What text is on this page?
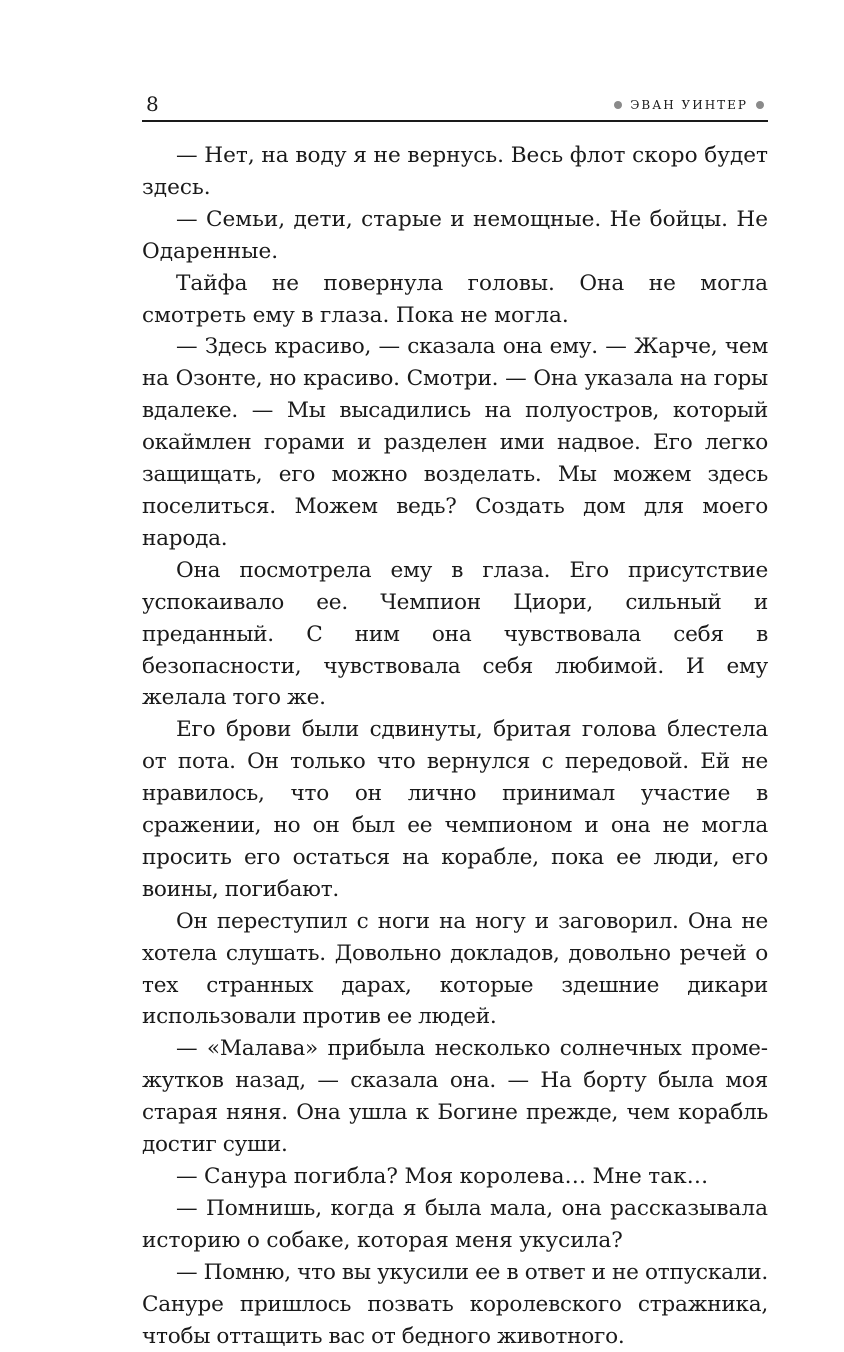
8	ЭВАН УИНТЕР

— Нет, на воду я не вернусь. Весь флот скоро будет здесь.

— Семьи, дети, старые и немощные. Не бойцы. Не Одаренные.

Тайфа не повернула головы. Она не могла смотреть ему в глаза. Пока не могла.

— Здесь красиво, — сказала она ему. — Жарче, чем на Озонте, но красиво. Смотри. — Она указала на горы вдалеке. — Мы высадились на полуостров, который окаймлен горами и разделен ими надвое. Его легко защищать, его можно возделать. Мы можем здесь поселиться. Можем ведь? Создать дом для моего народа.

Она посмотрела ему в глаза. Его присутствие успокаивало ее. Чемпион Циори, сильный и преданный. С ним она чувствовала себя в безопасности, чувствовала себя любимой. И ему желала того же.

Его брови были сдвинуты, бритая голова блестела от пота. Он только что вернулся с передовой. Ей не нравилось, что он лично принимал участие в сражении, но он был ее чемпионом и она не могла просить его остаться на корабле, пока ее люди, его воины, погибают.

Он переступил с ноги на ногу и заговорил. Она не хотела слушать. Довольно докладов, довольно речей о тех странных дарах, которые здешние дикари использовали против ее людей.

— «Малава» прибыла несколько солнечных промежутков назад, — сказала она. — На борту была моя старая няня. Она ушла к Богине прежде, чем корабль достиг суши.

— Санура погибла? Моя королева… Мне так…

— Помнишь, когда я была мала, она рассказывала историю о собаке, которая меня укусила?

— Помню, что вы укусили ее в ответ и не отпускали. Сануре пришлось позвать королевского стражника, чтобы оттащить вас от бедного животного.
